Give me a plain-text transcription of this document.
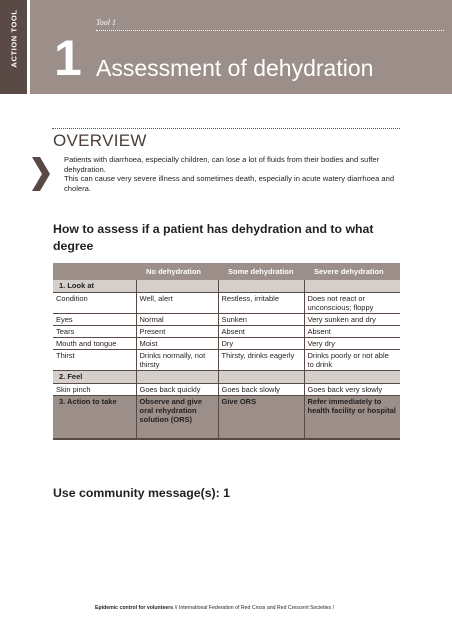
ACTION TOOL	Tool 1
1 Assessment of dehydration
OVERVIEW

Patients with diarrhoea, especially children, can lose a lot of fluids from their bodies and suffer dehydration.

This can cause very severe illness and sometimes death, especially in acute watery diarrhoea and cholera.

How to assess if a patient has dehydration and to what degree
	No dehydration	Some dehydration	Severe dehydration
1. Look at			
Condition	Well, alert	Restless, irritable	Does not react or unconscious; floppy
Eyes	Normal	Sunken	Very sunken and dry
Tears	Present	Absent	Absent
Mouth and tongue	Moist	Dry	Very dry
Thirst	Drinks normally, not thirsty	Thirsty, drinks eagerly	Drinks poorly or not able to drink
2. Feel			
Skin pinch	Goes back quickly	Goes back slowly	Goes back very slowly
3. Action to take	Observe and give oral rehydration solution (ORS)	Give ORS	Refer immediately to health facility or hospital
Use community message(s): 1
Epidemic control for volunteers // International Federation of Red Cross and Red Crescent Societies /
